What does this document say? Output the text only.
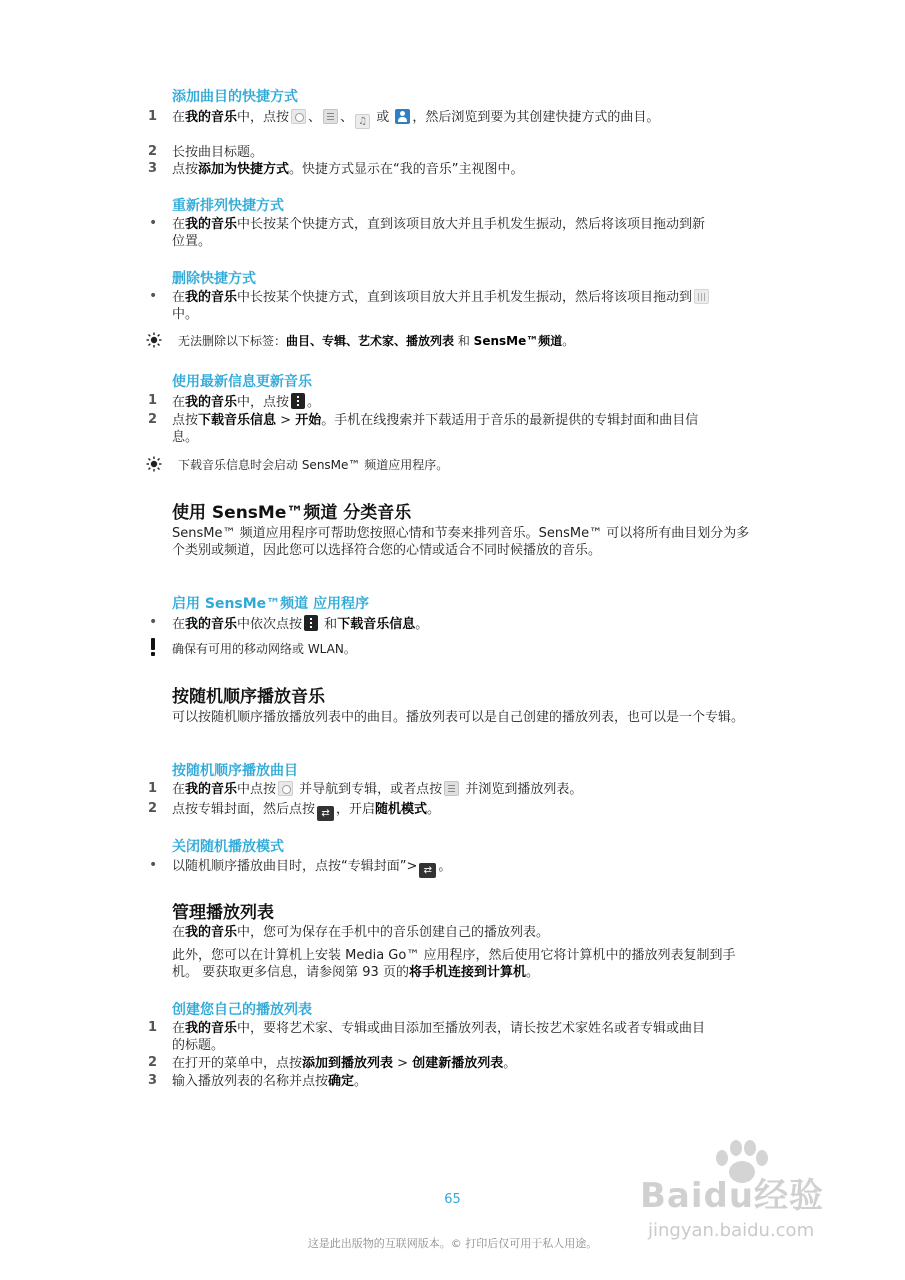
添加曲目的快捷方式
1	在我的音乐中，点按 、 、 ♫ 或 ，然后浏览到要为其创建快捷方式的曲目。
2	长按曲目标题。
3	点按添加为快捷方式。快捷方式显示在“我的音乐”主视图中。
重新排列快捷方式
• 在我的音乐中长按某个快捷方式，直到该项目放大并且手机发生振动，然后将该项目拖动到新位置。
删除快捷方式
• 在我的音乐中长按某个快捷方式，直到该项目放大并且手机发生振动，然后将该项目拖动到 中。
无法删除以下标签：曲目、专辑、艺术家、播放列表 和 SensMe™频道。
使用最新信息更新音乐
1	在我的音乐中，点按 。
2	点按下载音乐信息 > 开始。手机在线搜索并下载适用于音乐的最新提供的专辑封面和曲目信息。
下载音乐信息时会启动 SensMe™ 频道应用程序。
使用 SensMe™频道 分类音乐
SensMe™ 频道应用程序可帮助您按照心情和节奏来排列音乐。SensMe™ 可以将所有曲目划分为多个类别或频道，因此您可以选择符合您的心情或适合不同时候播放的音乐。
启用 SensMe™频道 应用程序
• 在我的音乐中依次点按 和下载音乐信息。
确保有可用的移动网络或 WLAN。
按随机顺序播放音乐
可以按随机顺序播放播放列表中的曲目。播放列表可以是自己创建的播放列表，也可以是一个专辑。
按随机顺序播放曲目
1	在我的音乐中点按 并导航到专辑，或者点按 并浏览到播放列表。
2	点按专辑封面，然后点按 ⇄ ，开启随机模式。
关闭随机播放模式
• 以随机顺序播放曲目时，点按“专辑封面”> ⇄ 。
管理播放列表
在我的音乐中，您可为保存在手机中的音乐创建自己的播放列表。
此外，您可以在计算机上安装 Media Go™ 应用程序，然后使用它将计算机中的播放列表复制到手机。 要获取更多信息，请参阅第 93 页的将手机连接到计算机。
创建您自己的播放列表
1	在我的音乐中，要将艺术家、专辑或曲目添加至播放列表，请长按艺术家姓名或者专辑或曲目的标题。
2	在打开的菜单中，点按添加到播放列表 > 创建新播放列表。
3	输入播放列表的名称并点按确定。
65
这是此出版物的互联网版本。© 打印后仅可用于私人用途。
Baidu经验
jingyan.baidu.com
